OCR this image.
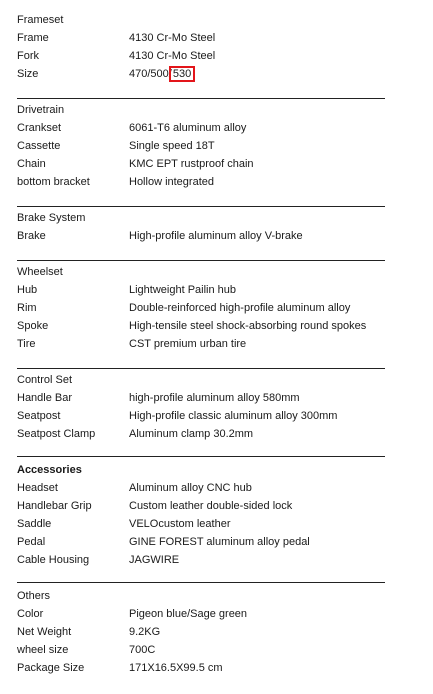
Frameset
Frame	4130 Cr-Mo Steel
Fork	4130 Cr-Mo Steel
Size	470/500/530
Drivetrain
Crankset	6061-T6 aluminum alloy
Cassette	Single speed 18T
Chain	KMC EPT rustproof chain
bottom bracket	Hollow integrated
Brake System
Brake	High-profile aluminum alloy V-brake
Wheelset
Hub	Lightweight Pailin hub
Rim	Double-reinforced high-profile aluminum alloy
Spoke	High-tensile steel shock-absorbing round spokes
Tire	CST premium urban tire
Control Set
Handle Bar	high-profile aluminum alloy 580mm
Seatpost	High-profile classic aluminum alloy 300mm
Seatpost Clamp	Aluminum clamp 30.2mm
Accessories
Headset	Aluminum alloy CNC hub
Handlebar Grip	Custom leather double-sided lock
Saddle	VELOcustom leather
Pedal	GINE FOREST aluminum alloy pedal
Cable Housing	JAGWIRE
Others
Color	Pigeon blue/Sage green
Net Weight	9.2KG
wheel size	700C
Package Size	171X16.5X99.5 cm
